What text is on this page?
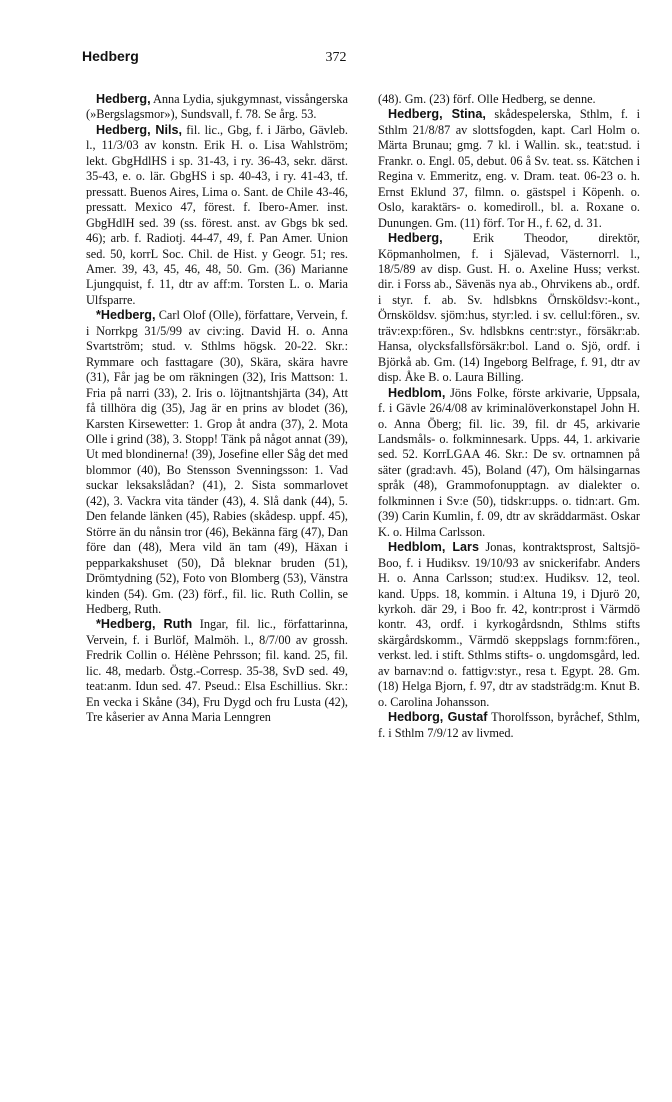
Hedberg	372

Hedberg, Anna Lydia, sjukgymnast, vissångerska (»Bergslagsmor»), Sundsvall, f. 78. Se årg. 53.

Hedberg, Nils, fil. lic., Gbg, f. i Järbo, Gävleb. l., 11/3/03 av konstn. Erik H. o. Lisa Wahlström; lekt. GbgHdlHS i sp. 31-43, i ry. 36-43, sekr. därst. 35-43, e. o. lär. GbgHS i sp. 40-43, i ry. 41-43, tf. pressatt. Buenos Aires, Lima o. Sant. de Chile 43-46, pressatt. Mexico 47, förest. f. Ibero-Amer. inst. GbgHdlH sed. 39 (ss. förest. anst. av Gbgs bk sed. 46); arb. f. Radiotj. 44-47, 49, f. Pan Amer. Union sed. 50, korrL Soc. Chil. de Hist. y Geogr. 51; res. Amer. 39, 43, 45, 46, 48, 50. Gm. (36) Marianne Ljungquist, f. 11, dtr av aff:m. Torsten L. o. Maria Ulfsparre.

*Hedberg, Carl Olof (Olle), författare, Vervein, f. i Norrkpg 31/5/99 av civ:ing. David H. o. Anna Svartström; stud. v. Sthlms högsk. 20-22. Skr.: Rymmare och fasttagare (30), Skära, skära havre (31), Får jag be om räkningen (32), Iris Mattson: 1. Fria på narri (33), 2. Iris o. löjtnantshjärta (34), Att få tillhöra dig (35), Jag är en prins av blodet (36), Karsten Kirsewetter: 1. Grop åt andra (37), 2. Mota Olle i grind (38), 3. Stopp! Tänk på något annat (39), Ut med blondinerna! (39), Josefine eller Såg det med blommor (40), Bo Stensson Svenningsson: 1. Vad suckar leksakslådan? (41), 2. Sista sommarlovet (42), 3. Vackra vita tänder (43), 4. Slå dank (44), 5. Den felande länken (45), Rabies (skådesp. uppf. 45), Större än du nånsin tror (46), Bekänna färg (47), Dan före dan (48), Mera vild än tam (49), Häxan i pepparkakshuset (50), Då bleknar bruden (51), Drömtydning (52), Foto von Blomberg (53), Vänstra kinden (54). Gm. (23) förf., fil. lic. Ruth Collin, se Hedberg, Ruth.

*Hedberg, Ruth Ingar, fil. lic., författarinna, Vervein, f. i Burlöf, Malmöh. l., 8/7/00 av grossh. Fredrik Collin o. Hélène Pehrsson; fil. kand. 25, fil. lic. 48, medarb. Östg.-Corresp. 35-38, SvD sed. 49, teat:anm. Idun sed. 47. Pseud.: Elsa Eschillius. Skr.: En vecka i Skåne (34), Fru Dygd och fru Lusta (42), Tre kåserier av Anna Maria Lenngren

(48). Gm. (23) förf. Olle Hedberg, se denne.

Hedberg, Stina, skådespelerska, Sthlm, f. i Sthlm 21/8/87 av slottsfogden, kapt. Carl Holm o. Märta Brunau; gmg. 7 kl. i Wallin. sk., teat:stud. i Frankr. o. Engl. 05, debut. 06 å Sv. teat. ss. Kätchen i Regina v. Emmeritz, eng. v. Dram. teat. 06-23 o. h. Ernst Eklund 37, filmn. o. gästspel i Köpenh. o. Oslo, karaktärs- o. komediroll., bl. a. Roxane o. Dunungen. Gm. (11) förf. Tor H., f. 62, d. 31.

Hedberg, Erik Theodor, direktör, Köpmanholmen, f. i Själevad, Västernorrl. l., 18/5/89 av disp. Gust. H. o. Axeline Huss; verkst. dir. i Forss ab., Sävenäs nya ab., Ohrvikens ab., ordf. i styr. f. ab. Sv. hdlsbkns Örnsköldsv:-kont., Örnsköldsv. sjöm:hus, styr:led. i sv. cellul:fören., sv. träv:exp:fören., Sv. hdlsbkns centr:styr., försäkr:ab. Hansa, olycksfallsförsäkr:bol. Land o. Sjö, ordf. i Björkå ab. Gm. (14) Ingeborg Belfrage, f. 91, dtr av disp. Åke B. o. Laura Billing.

Hedblom, Jöns Folke, förste arkivarie, Uppsala, f. i Gävle 26/4/08 av kriminalöverkonstapel John H. o. Anna Öberg; fil. lic. 39, fil. dr 45, arkivarie Landsmåls- o. folkminnesark. Upps. 44, 1. arkivarie sed. 52. KorrLGAA 46. Skr.: De sv. ortnamnen på säter (grad:avh. 45), Boland (47), Om hälsingarnas språk (48), Grammofonupptagn. av dialekter o. folkminnen i Sv:e (50), tidskr:upps. o. tidn:art. Gm. (39) Carin Kumlin, f. 09, dtr av skräddarmäst. Oskar K. o. Hilma Carlsson.

Hedblom, Lars Jonas, kontraktsprost, Saltsjö-Boo, f. i Hudiksv. 19/10/93 av snickerifabr. Anders H. o. Anna Carlsson; stud:ex. Hudiksv. 12, teol. kand. Upps. 18, kommin. i Altuna 19, i Djurö 20, kyrkoh. där 29, i Boo fr. 42, kontr:prost i Värmdö kontr. 43, ordf. i kyrkogårdsndn, Sthlms stifts skärgårdskomm., Värmdö skeppslags fornm:fören., verkst. led. i stift. Sthlms stifts- o. ungdomsgård, led. av barnav:nd o. fattigv:styr., resa t. Egypt. 28. Gm. (18) Helga Bjorn, f. 97, dtr av stadsträdg:m. Knut B. o. Carolina Johansson.

Hedborg, Gustaf Thorolfsson, byråchef, Sthlm, f. i Sthlm 7/9/12 av livmed.
